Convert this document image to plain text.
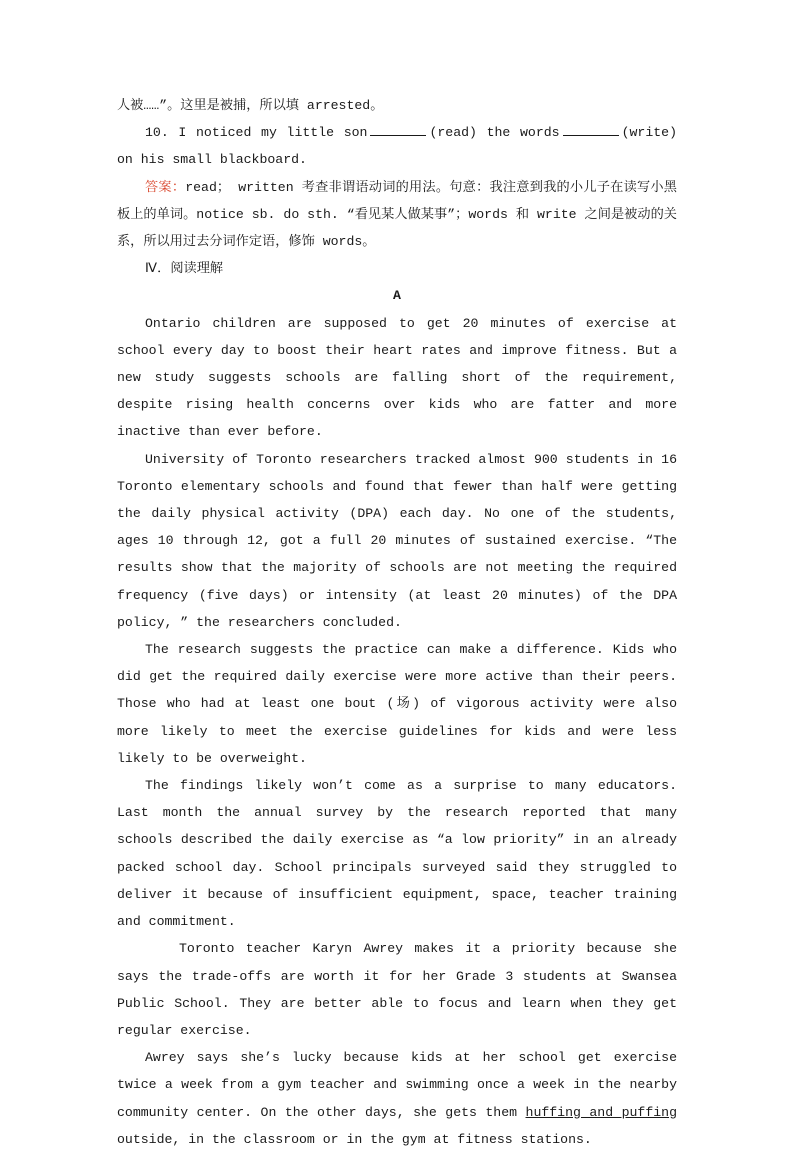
人被……”。这里是被捕，所以填 arrested。

10. I noticed my little son	(read) the words	(write) on his small blackboard.

答案：read； written 考查非谓语动词的用法。句意：我注意到我的小儿子在读写小黑板上的单词。notice sb. do sth. “看见某人做某事”；words 和 write 之间是被动的关系，所以用过去分词作定语，修饰 words。

Ⅳ．阅读理解

A

Ontario children are supposed to get 20 minutes of exercise at school every day to boost their heart rates and improve fitness. But a new study suggests schools are falling short of the requirement, despite rising health concerns over kids who are fatter and more inactive than ever before.

University of Toronto researchers tracked almost 900 students in 16 Toronto elementary schools and found that fewer than half were getting the daily physical activity (DPA) each day. No one of the students, ages 10 through 12, got a full 20 minutes of sustained exercise. “The results show that the majority of schools are not meeting the required frequency (five days) or intensity (at least 20 minutes) of the DPA policy, ” the researchers concluded.

The research suggests the practice can make a difference. Kids who did get the required daily exercise were more active than their peers. Those who had at least one bout (场) of vigorous activity were also more likely to meet the exercise guidelines for kids and were less likely to be overweight.

The findings likely won’t come as a surprise to many educators. Last month the annual survey by the research reported that many schools described the daily exercise as “a low priority” in an already packed school day. School principals surveyed said they struggled to deliver it because of insufficient equipment, space, teacher training and commitment.

Toronto teacher Karyn Awrey makes it a priority because she says the trade-offs are worth it for her Grade 3 students at Swansea Public School. They are better able to focus and learn when they get regular exercise.

Awrey says she’s lucky because kids at her school get exercise twice a week from a gym teacher and swimming once a week in the nearby community center. On the other days, she gets them huffing and puffing outside, in the classroom or in the gym at fitness stations.
